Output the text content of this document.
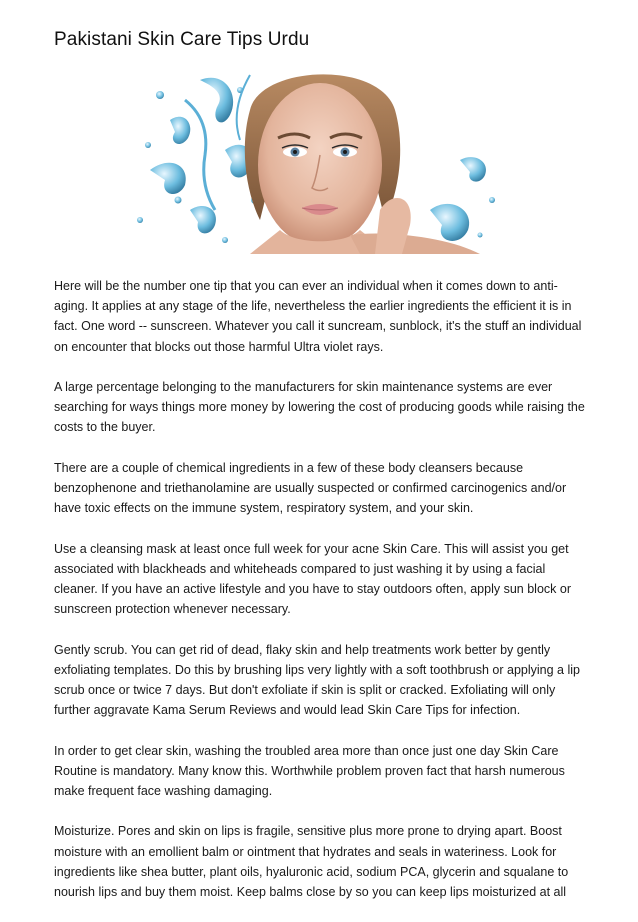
Pakistani Skin Care Tips Urdu

Here will be the number one tip that you can ever an individual when it comes down to anti-aging. It applies at any stage of the life, nevertheless the earlier ingredients the efficient it is in fact. One word -- sunscreen. Whatever you call it suncream, sunblock, it's the stuff an individual on encounter that blocks out those harmful Ultra violet rays.

A large percentage belonging to the manufacturers for skin maintenance systems are ever searching for ways things more money by lowering the cost of producing goods while raising the costs to the buyer.

There are a couple of chemical ingredients in a few of these body cleansers because benzophenone and triethanolamine are usually suspected or confirmed carcinogenics and/or have toxic effects on the immune system, respiratory system, and your skin.

Use a cleansing mask at least once full week for your acne Skin Care. This will assist you get associated with blackheads and whiteheads compared to just washing it by using a facial cleaner. If you have an active lifestyle and you have to stay outdoors often, apply sun block or sunscreen protection whenever necessary.

Gently scrub. You can get rid of dead, flaky skin and help treatments work better by gently exfoliating templates. Do this by brushing lips very lightly with a soft toothbrush or applying a lip scrub once or twice 7 days. But don't exfoliate if skin is split or cracked. Exfoliating will only further aggravate Kama Serum Reviews and would lead Skin Care Tips for infection.

In order to get clear skin, washing the troubled area more than once just one day Skin Care Routine is mandatory. Many know this. Worthwhile problem proven fact that harsh numerous make frequent face washing damaging.

Moisturize. Pores and skin on lips is fragile, sensitive plus more prone to drying apart. Boost moisture with an emollient balm or ointment that hydrates and seals in wateriness. Look for ingredients like shea butter, plant oils, hyaluronic acid, sodium PCA, glycerin and squalane to nourish lips and buy them moist. Keep balms close by so you can keep lips moisturized at all
